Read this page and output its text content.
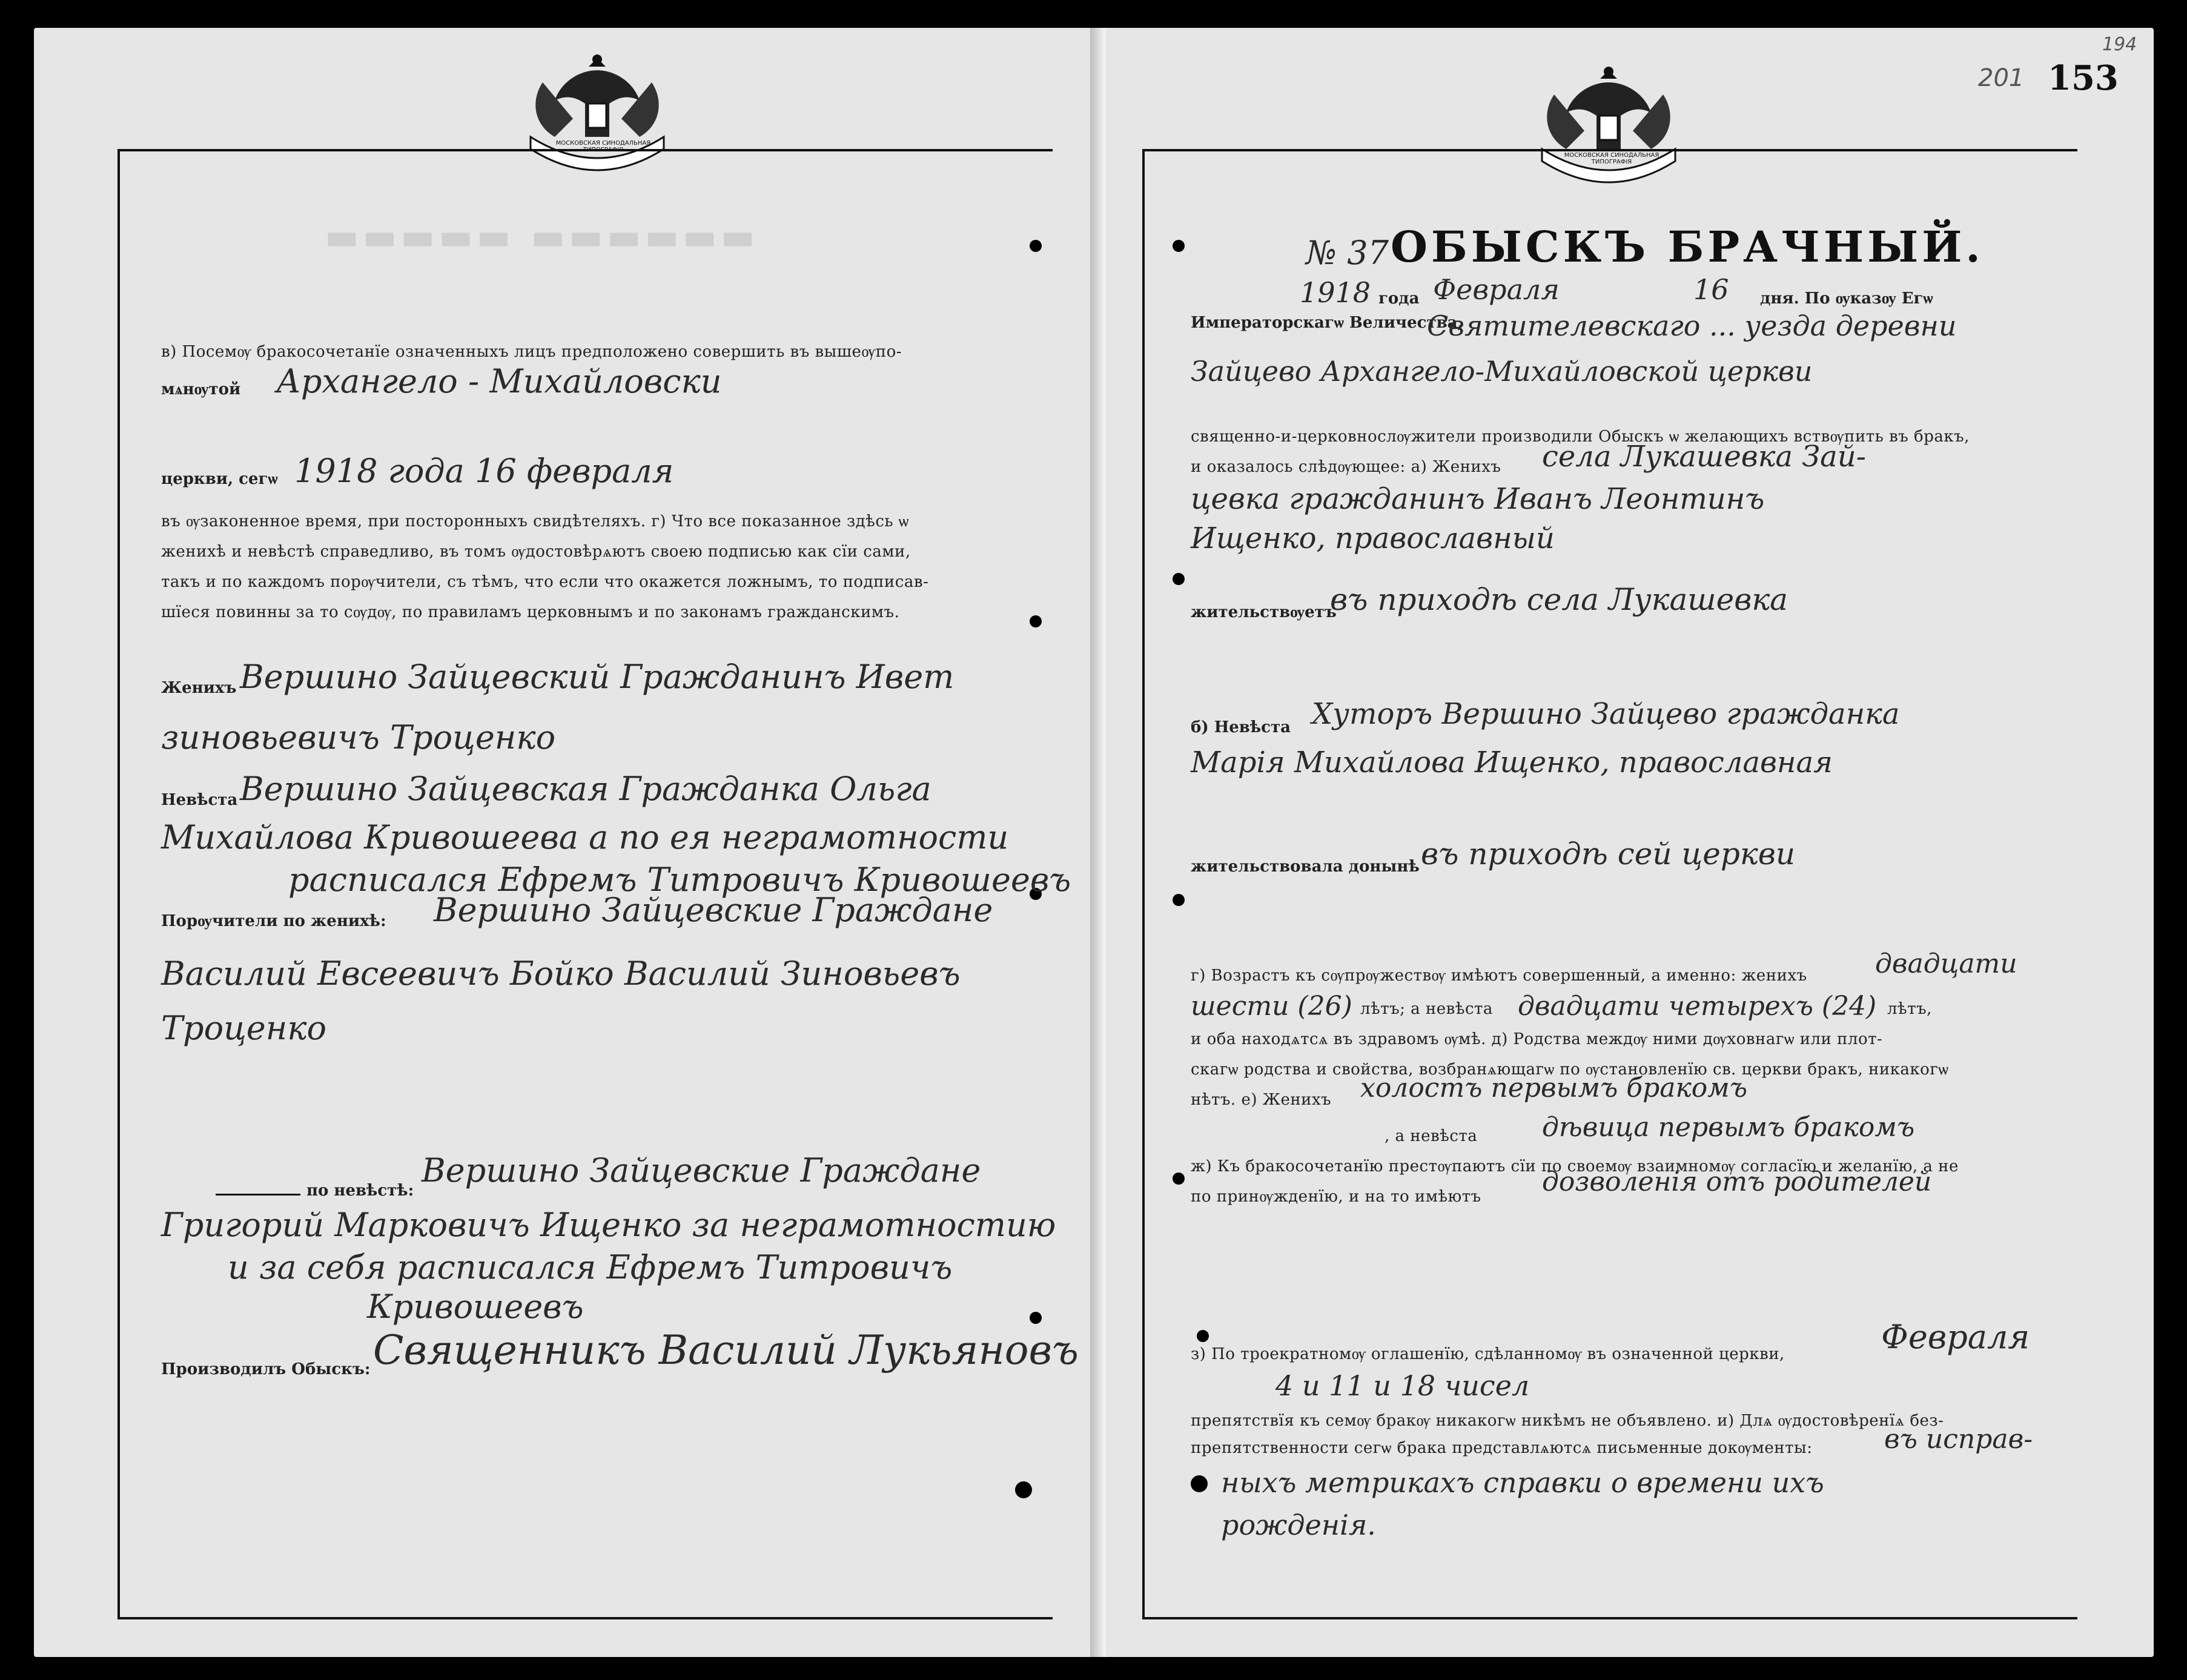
▬▬▬▬▬ ▬▬▬▬▬▬
МОСКОВСКАЯ СИНОДАЛЬНАЯ ТИПОГРАФІЯ
в) Посемѹ бракосочетанїе означенныхъ лицъ предположено совершить въ вышеѹпо-
мѧнѹтой Архангело - Михайловски
церкви, сегѡ 1918 года 16 февраля
въ ѹзаконенное время, при посторонныхъ свидѣтеляхъ. г) Что все показанное здѣсь ѡ
женихѣ и невѣстѣ справедливо, въ томъ ѹдостовѣрѧютъ своею подписью как сїи сами,
такъ и по каждомъ порѹчители, съ тѣмъ, что если что окажется ложнымъ, то подписав-
шїеся повинны за то сѹдѹ, по правиламъ церковнымъ и по законамъ гражданскимъ.
Женихъ Вершино Зайцевский Гражданинъ Ивет
зиновьевичъ Троценко
Невѣста Вершино Зайцевская Гражданка Ольга
Михайлова Кривошеева а по ея неграмотности
расписался Ефремъ Титровичъ Кривошеевъ
Порѹчители по женихѣ: Вершино Зайцевские Граждане
Василий Евсеевичъ Бойко Василий Зиновьевъ
Троценко
по невѣстѣ:
Вершино Зайцевские Граждане
Григорий Марковичъ Ищенко за неграмотностию
и за себя расписался Ефремъ Титровичъ
Кривошеевъ
Производилъ Обыскъ: Священникъ Василий Лукьяновъ
201 153
194
МОСКОВСКАЯ СИНОДАЛЬНАЯ ТИПОГРАФІЯ
№ 37 ОБЫСКЪ БРАЧНЫЙ.
1918 года Февраля	16 дня. По ѹказѹ Егѡ
Императорскагѡ Величества,
Святителевскаго ... уезда деревни
Зайцево Архангело-Михайловской церкви
священно-и-церковнослѹжители производили Обыскъ ѡ желающихъ вствѹпить въ бракъ,
и оказалось слѣдѹющее: а) Женихъ села Лукашевка Зай-
цевка гражданинъ Иванъ Леонтинъ
Ищенко, православный
жительствѹетъ
въ приходѣ села Лукашевка
б) Невѣста Хуторъ Вершино Зайцево гражданка
Марія Михайлова Ищенко, православная
жительствовала донынѣ въ приходѣ сей церкви
г) Возрастъ къ сѹпрѹжествѹ имѣютъ совершенный, а именно: женихъ	двадцати
шести (26) лѣтъ; а невѣста двадцати четырехъ (24) лѣтъ,
и оба находѧтсѧ въ здравомъ ѹмѣ. д) Родства междѹ ними дѹховнагѡ или плот-
скагѡ родства и свойства, возбранѧющагѡ по ѹстановленїю св. церкви бракъ, никакогѡ
нѣтъ. е) Женихъ холостъ первымъ бракомъ
, а невѣста дѣвица первымъ бракомъ
ж) Къ бракосочетанїю престѹпаютъ сїи по своемѹ взаимномѹ согласїю и желанїю, а не
по принѹжденїю, и на то имѣютъ дозволенія отъ родителей
з) По троекратномѹ оглашенїю, сдѣланномѹ въ означенной церкви,	Февраля
4 и 11 и 18 чисел
препятствїя къ семѹ бракѹ никакогѡ никѣмъ не объявлено. и) Длѧ ѹдостовѣренїѧ без-
препятственности сегѡ брака представлѧютсѧ письменные докѹменты:	въ исправ-
ныхъ метрикахъ справки о времени ихъ
рожденія.
